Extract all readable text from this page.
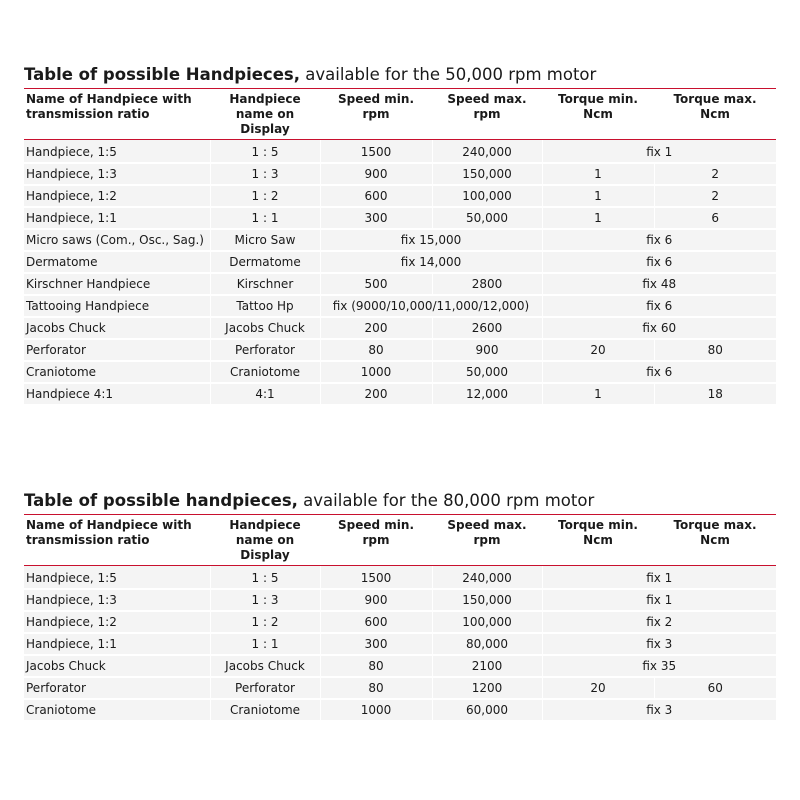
Table of possible Handpieces, available for the 50,000 rpm motor
Name of Handpiece with transmission ratio	Handpiece name on Display	Speed min. rpm	Speed max. rpm	Torque min. Ncm	Torque max. Ncm
Handpiece, 1:5	1 : 5	1500	240,000	fix 1	
Handpiece, 1:3	1 : 3	900	150,000	1	2
Handpiece, 1:2	1 : 2	600	100,000	1	2
Handpiece, 1:1	1 : 1	300	50,000	1	6
Micro saws (Com., Osc., Sag.)	Micro Saw	fix 15,000		fix 6	
Dermatome	Dermatome	fix 14,000		fix 6	
Kirschner Handpiece	Kirschner	500	2800	fix 48	
Tattooing Handpiece	Tattoo Hp	fix (9000/10,000/11,000/12,000)		fix 6	
Jacobs Chuck	Jacobs Chuck	200	2600	fix 60	
Perforator	Perforator	80	900	20	80
Craniotome	Craniotome	1000	50,000	fix 6	
Handpiece 4:1	4:1	200	12,000	1	18
Table of possible handpieces, available for the 80,000 rpm motor
Name of Handpiece with transmission ratio	Handpiece name on Display	Speed min. rpm	Speed max. rpm	Torque min. Ncm	Torque max. Ncm
Handpiece, 1:5	1 : 5	1500	240,000	fix 1	
Handpiece, 1:3	1 : 3	900	150,000	fix 1	
Handpiece, 1:2	1 : 2	600	100,000	fix 2	
Handpiece, 1:1	1 : 1	300	80,000	fix 3	
Jacobs Chuck	Jacobs Chuck	80	2100	fix 35	
Perforator	Perforator	80	1200	20	60
Craniotome	Craniotome	1000	60,000	fix 3	
